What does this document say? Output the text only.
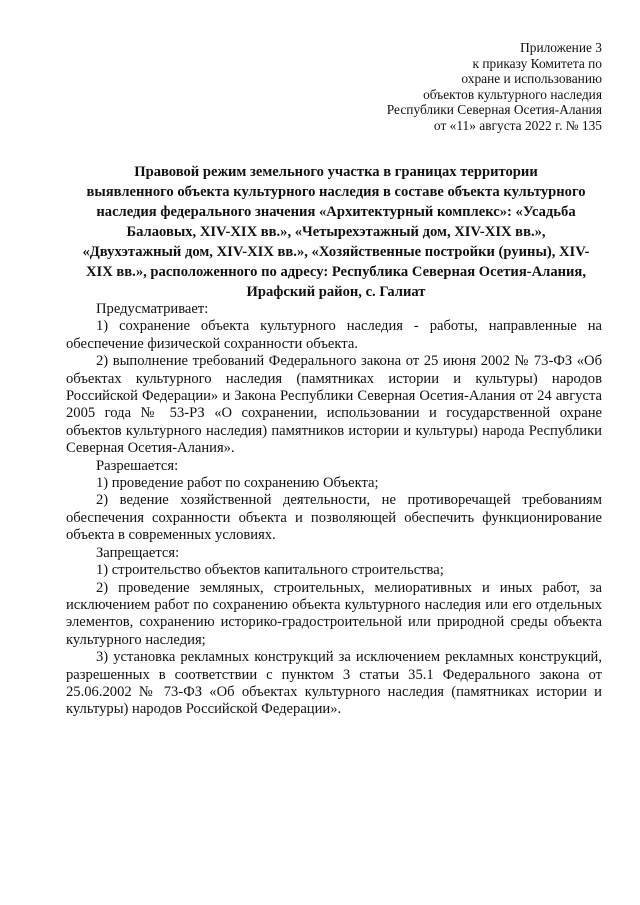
Приложение 3
к приказу Комитета по
охране и использованию
объектов культурного наследия
Республики Северная Осетия-Алания
от «11» августа 2022 г. № 135
Правовой режим земельного участка в границах территории
выявленного объекта культурного наследия в составе объекта культурного
наследия федерального значения «Архитектурный комплекс»: «Усадьба
Балаовых, XIV-XIX вв.», «Четырехэтажный дом, XIV-XIX вв.»,
«Двухэтажный дом, XIV-XIX вв.», «Хозяйственные постройки (руины), XIV-
XIX вв.», расположенного по адресу: Республика Северная Осетия-Алания,
Ирафский район, с. Галиат

Предусматривает:

1) сохранение объекта культурного наследия - работы, направленные на обеспечение физической сохранности объекта.

2) выполнение требований Федерального закона от 25 июня 2002 № 73-ФЗ «Об объектах культурного наследия (памятниках истории и культуры) народов Российской Федерации» и Закона Республики Северная Осетия-Алания от 24 августа 2005 года № 53-РЗ «О сохранении, использовании и государственной охране объектов культурного наследия) памятников истории и культуры) народа Республики Северная Осетия-Алания».

Разрешается:

1) проведение работ по сохранению Объекта;

2) ведение хозяйственной деятельности, не противоречащей требованиям обеспечения сохранности объекта и позволяющей обеспечить функционирование объекта в современных условиях.

Запрещается:

1) строительство объектов капитального строительства;

2) проведение земляных, строительных, мелиоративных и иных работ, за исключением работ по сохранению объекта культурного наследия или его отдельных элементов, сохранению историко-градостроительной или природной среды объекта культурного наследия;

3) установка рекламных конструкций за исключением рекламных конструкций, разрешенных в соответствии с пунктом 3 статьи 35.1 Федерального закона от 25.06.2002 № 73-ФЗ «Об объектах культурного наследия (памятниках истории и культуры) народов Российской Федерации».
